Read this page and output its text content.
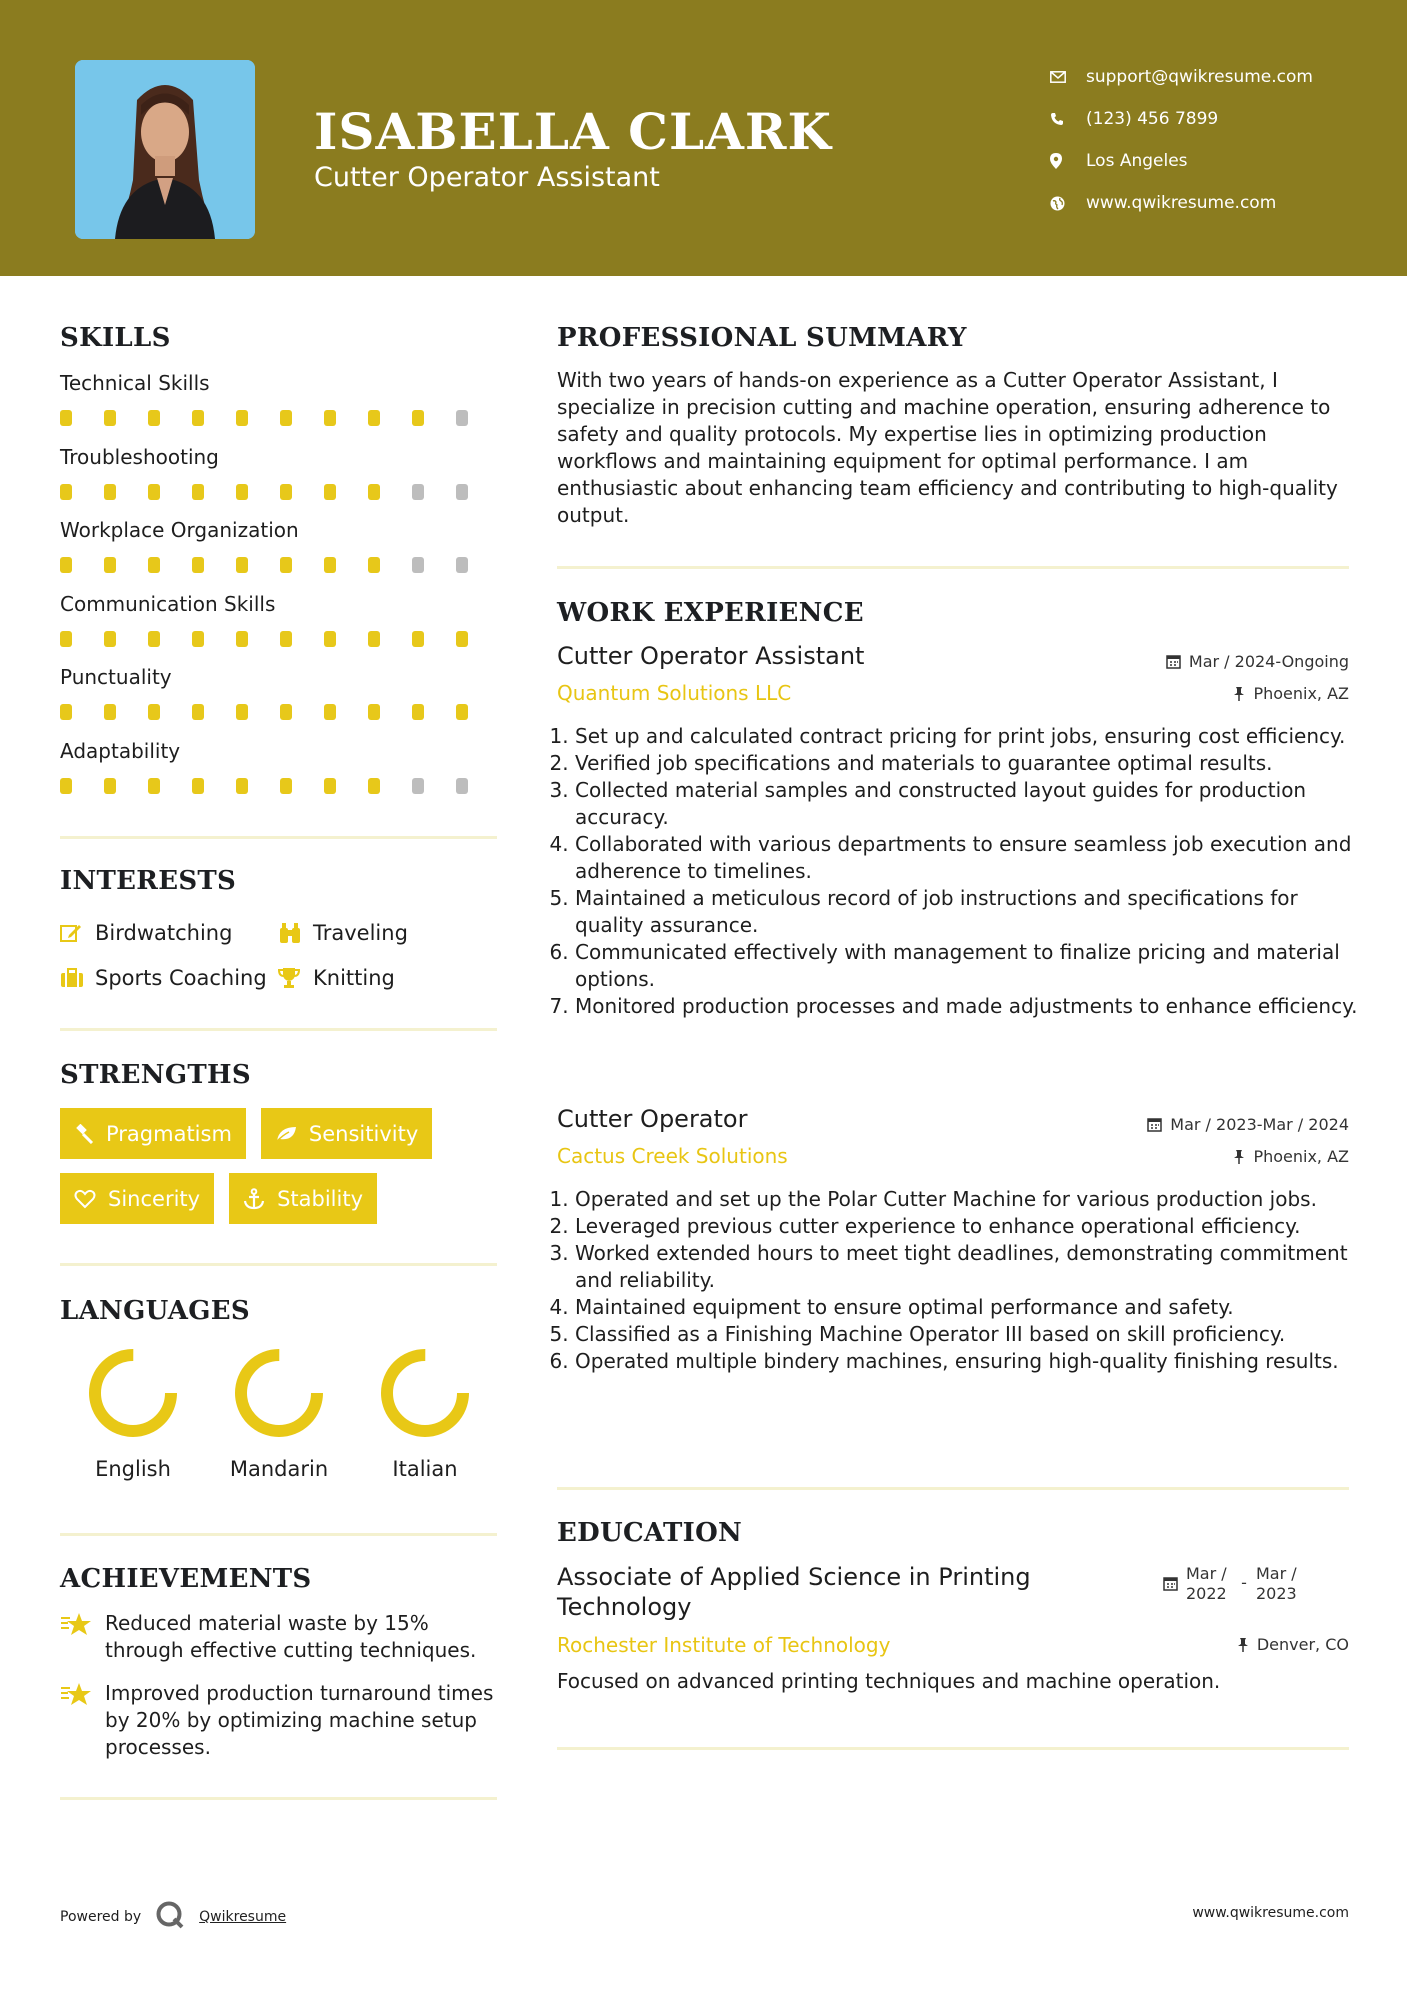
ISABELLA CLARK
Cutter Operator Assistant
support@qwikresume.com
(123) 456 7899
Los Angeles
www.qwikresume.com
SKILLS
Technical Skills
Troubleshooting
Workplace Organization
Communication Skills
Punctuality
Adaptability
INTERESTS
Birdwatching	Traveling
Sports Coaching Knitting
STRENGTHS
Pragmatism	Sensitivity
Sincerity	Stability
LANGUAGES
English	Mandarin	Italian
ACHIEVEMENTS
Reduced material waste by 15% through effective cutting techniques.
Improved production turnaround times by 20% by optimizing machine setup processes.
PROFESSIONAL SUMMARY
With two years of hands-on experience as a Cutter Operator Assistant, I specialize in precision cutting and machine operation, ensuring adherence to safety and quality protocols. My expertise lies in optimizing production workflows and maintaining equipment for optimal performance. I am enthusiastic about enhancing team efficiency and contributing to high-quality output.
WORK EXPERIENCE
Cutter Operator Assistant	Mar / 2024-Ongoing
Quantum Solutions LLC	Phoenix, AZ
1. Set up and calculated contract pricing for print jobs, ensuring cost efficiency.
2. Verified job specifications and materials to guarantee optimal results.
3. Collected material samples and constructed layout guides for production accuracy.
4. Collaborated with various departments to ensure seamless job execution and adherence to timelines.
5. Maintained a meticulous record of job instructions and specifications for quality assurance.
6. Communicated effectively with management to finalize pricing and material options.
7. Monitored production processes and made adjustments to enhance efficiency.
Cutter Operator	Mar / 2023-Mar / 2024
Cactus Creek Solutions	Phoenix, AZ
1. Operated and set up the Polar Cutter Machine for various production jobs.
2. Leveraged previous cutter experience to enhance operational efficiency.
3. Worked extended hours to meet tight deadlines, demonstrating commitment and reliability.
4. Maintained equipment to ensure optimal performance and safety.
5. Classified as a Finishing Machine Operator III based on skill proficiency.
6. Operated multiple bindery machines, ensuring high-quality finishing results.
EDUCATION
Associate of Applied Science in Printing Technology
Mar / 2022
- Mar / 2023
Rochester Institute of Technology	Denver, CO
Focused on advanced printing techniques and machine operation.
Powered by	Qwikresume	www.qwikresume.com
